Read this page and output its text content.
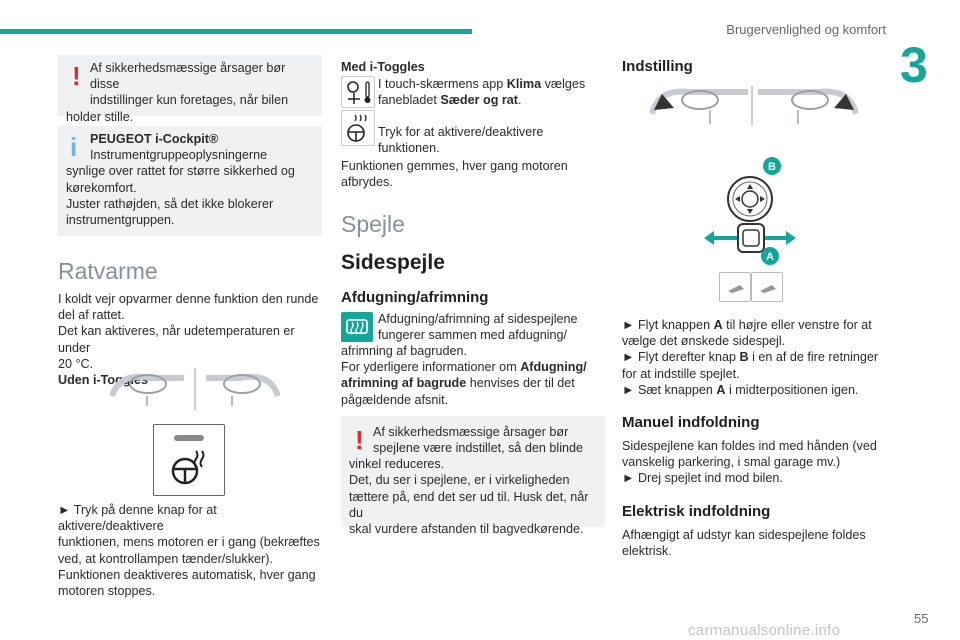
Brugervenlighed og komfort
3
! Af sikkerhedsmæssige årsager bør disse

indstillinger kun foretages, når bilen

holder stille.

i	PEUGEOT i-Cockpit®

Instrumentgruppeoplysningerne

synlige over rattet for større sikkerhed og

kørekomfort.

Juster rathøjden, så det ikke blokerer

instrumentgruppen.

Ratvarme

I koldt vejr opvarmer denne funktion den runde

del af rattet.

Det kan aktiveres, når udetemperaturen er under

20 °C.

Uden i-Toggles

► Tryk på denne knap for at aktivere/deaktivere

funktionen, mens motoren er i gang (bekræftes

ved, at kontrollampen tænder/slukker).

Funktionen deaktiveres automatisk, hver gang

motoren stoppes.

Med i-Toggles

I touch-skærmens app Klima vælges

fanebladet Sæder og rat.

Tryk for at aktivere/deaktivere funktionen.

Funktionen gemmes, hver gang motoren

afbrydes.

Spejle

Sidespejle

Afdugning/afrimning

Afdugning/afrimning af sidespejlene

fungerer sammen med afdugning/

afrimning af bagruden.

For yderligere informationer om Afdugning/

afrimning af bagrude henvises der til det

pågældende afsnit.

! Af sikkerhedsmæssige årsager bør

spejlene være indstillet, så den blinde

vinkel reduceres.

Det, du ser i spejlene, er i virkeligheden

tættere på, end det ser ud til. Husk det, når du

skal vurdere afstanden til bagvedkørende.

Indstilling

B
A

► Flyt knappen A til højre eller venstre for at

vælge det ønskede sidespejl.

► Flyt derefter knap B i en af de fire retninger

for at indstille spejlet.

► Sæt knappen A i midterpositionen igen.

Manuel indfoldning

Sidespejlene kan foldes ind med hånden (ved

vanskelig parkering, i smal garage mv.)

► Drej spejlet ind mod bilen.

Elektrisk indfoldning

Afhængigt af udstyr kan sidespejlene foldes

elektrisk.

55
carmanualsonline.info
